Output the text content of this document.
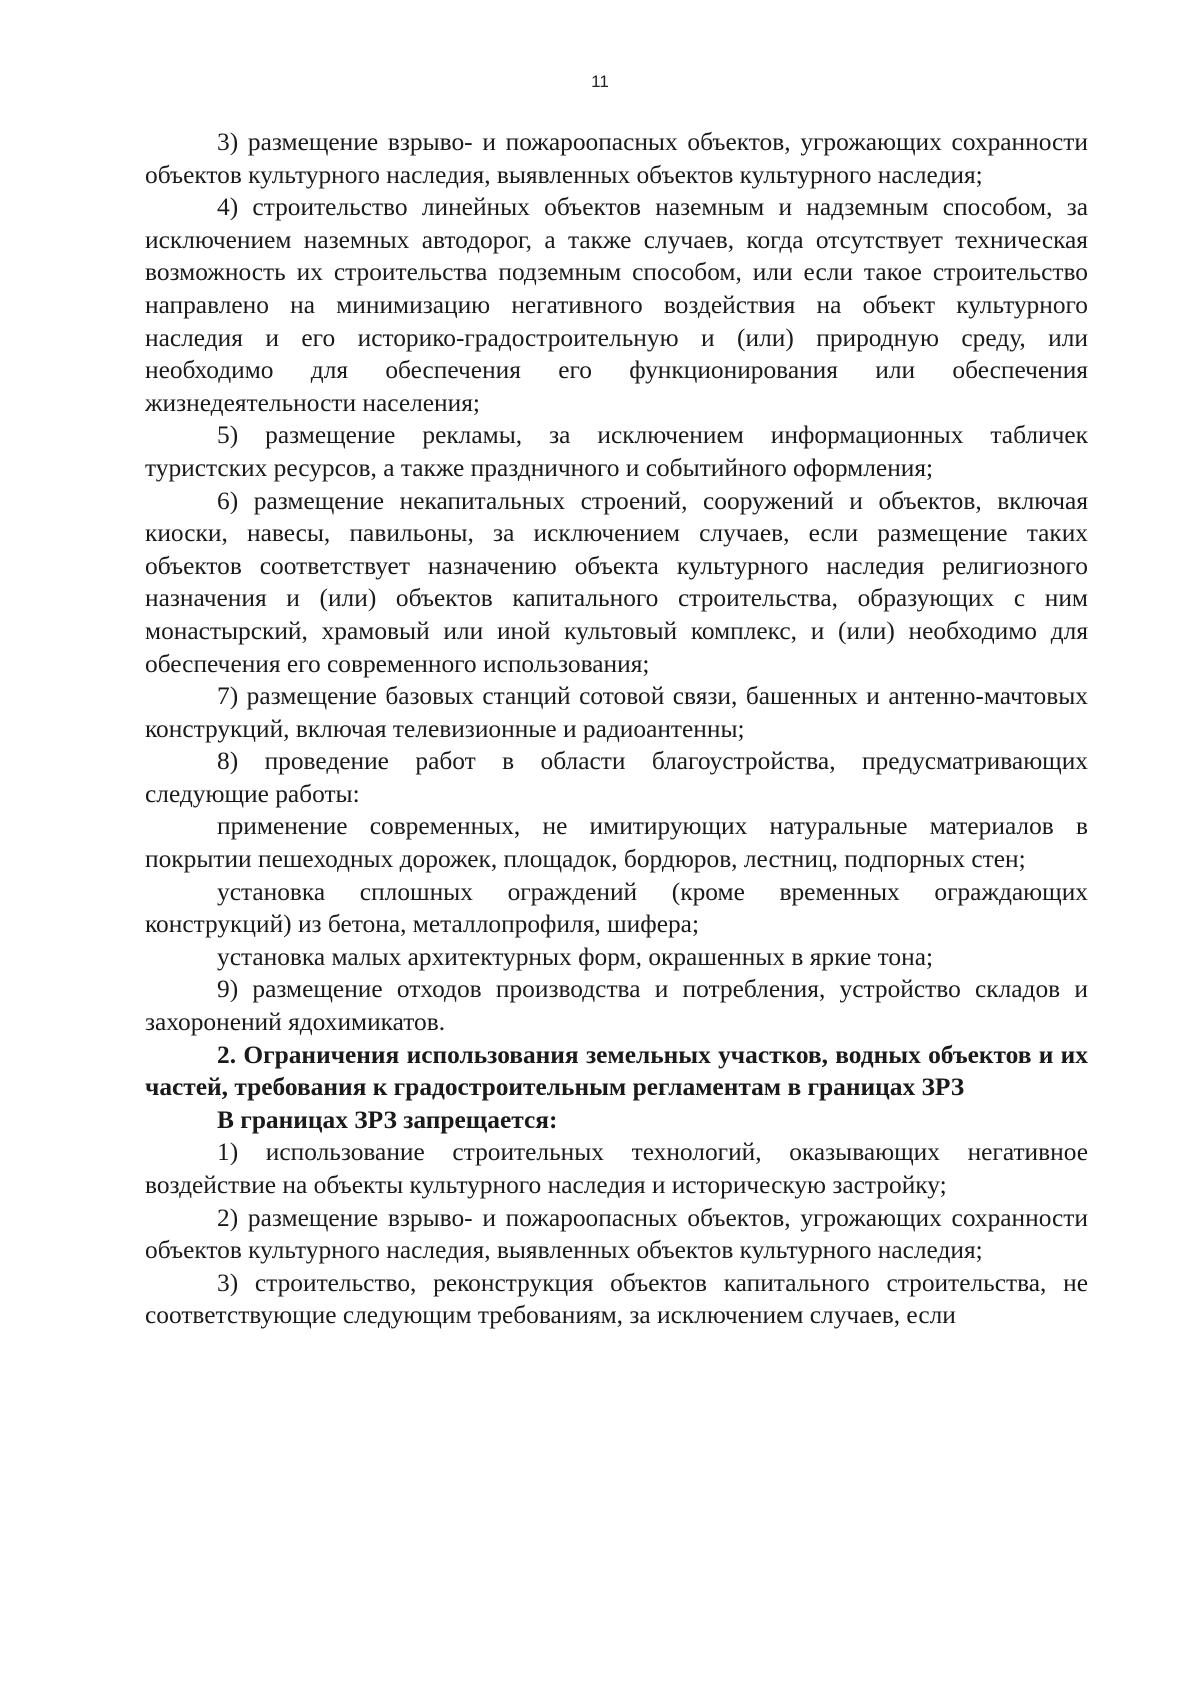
11

3) размещение взрыво- и пожароопасных объектов, угрожающих сохранности объектов культурного наследия, выявленных объектов культурного наследия;

4) строительство линейных объектов наземным и надземным способом, за исключением наземных автодорог, а также случаев, когда отсутствует техническая возможность их строительства подземным способом, или если такое строительство направлено на минимизацию негативного воздействия на объект культурного наследия и его историко-градостроительную и (или) природную среду, или необходимо для обеспечения его функционирования или обеспечения жизнедеятельности населения;

5) размещение рекламы, за исключением информационных табличек туристских ресурсов, а также праздничного и событийного оформления;

6) размещение некапитальных строений, сооружений и объектов, включая киоски, навесы, павильоны, за исключением случаев, если размещение таких объектов соответствует назначению объекта культурного наследия религиозного назначения и (или) объектов капитального строительства, образующих с ним монастырский, храмовый или иной культовый комплекс, и (или) необходимо для обеспечения его современного использования;

7) размещение базовых станций сотовой связи, башенных и антенно-мачтовых конструкций, включая телевизионные и радиоантенны;

8) проведение работ в области благоустройства, предусматривающих следующие работы:

применение современных, не имитирующих натуральные материалов в покрытии пешеходных дорожек, площадок, бордюров, лестниц, подпорных стен;

установка сплошных ограждений (кроме временных ограждающих конструкций) из бетона, металлопрофиля, шифера;

установка малых архитектурных форм, окрашенных в яркие тона;

9) размещение отходов производства и потребления, устройство складов и захоронений ядохимикатов.

2. Ограничения использования земельных участков, водных объектов и их частей, требования к градостроительным регламентам в границах ЗРЗ

В границах ЗРЗ запрещается:

1) использование строительных технологий, оказывающих негативное воздействие на объекты культурного наследия и историческую застройку;

2) размещение взрыво- и пожароопасных объектов, угрожающих сохранности объектов культурного наследия, выявленных объектов культурного наследия;

3) строительство, реконструкция объектов капитального строительства, не соответствующие следующим требованиям, за исключением случаев, если
